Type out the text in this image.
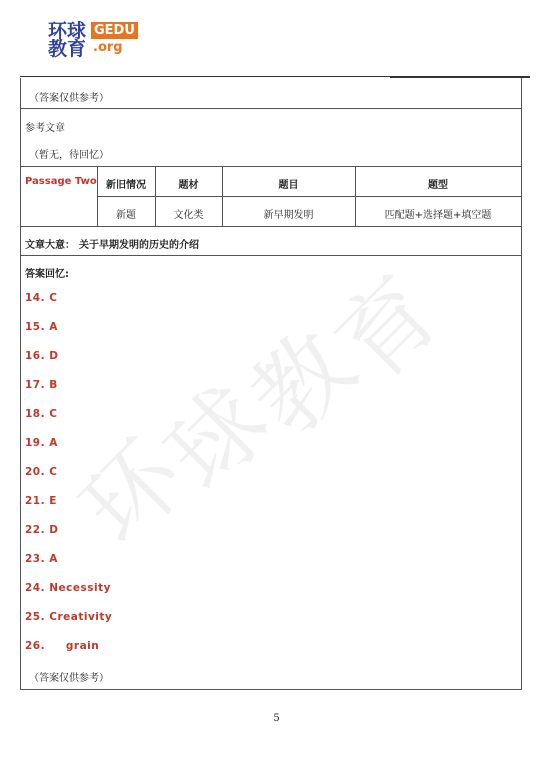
环球
教育
GEDU
.org
环
球
教
育
（答案仅供参考）
参考文章
（暂无，待回忆）
Passage Two 新旧情况	题材	题目	题型
新题	文化类	新早期发明	匹配题+选择题+填空题
文章大意： 关于早期发明的历史的介绍
答案回忆:
14. C
15. A
16. D
17. B
18. C
19. A
20. C
21. E
22. D
23. A
24. Necessity
25. Creativity
26.     grain
（答案仅供参考）
5
